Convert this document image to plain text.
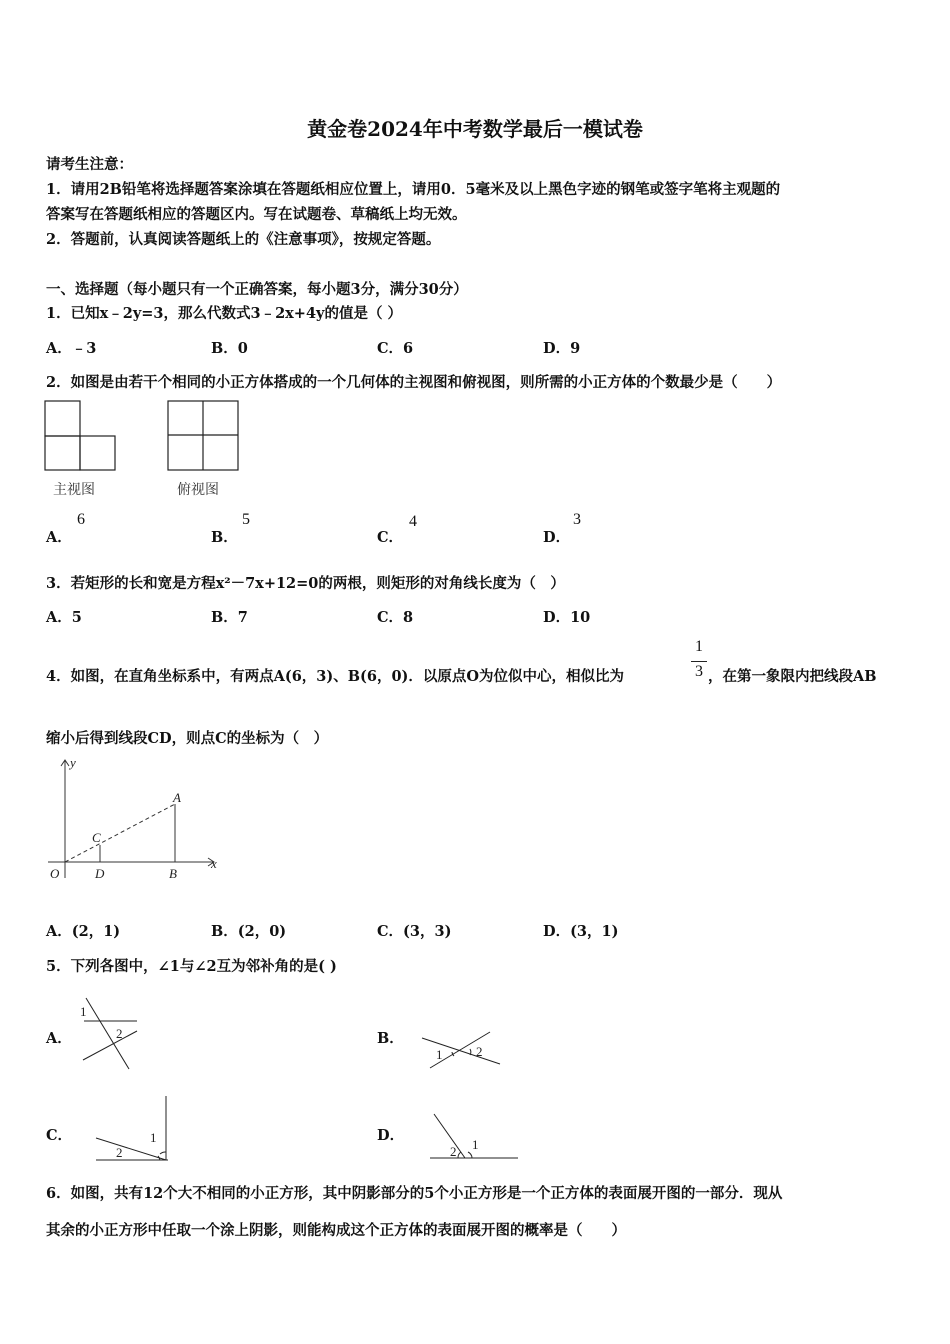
黄金卷2024年中考数学最后一模试卷
请考生注意：
1．请用2B铅笔将选择题答案涂填在答题纸相应位置上，请用0．5毫米及以上黑色字迹的钢笔或签字笔将主观题的
答案写在答题纸相应的答题区内。写在试题卷、草稿纸上均无效。
2．答题前，认真阅读答题纸上的《注意事项》，按规定答题。
一、选择题（每小题只有一个正确答案，每小题3分，满分30分）
1．已知x﹣2y=3，那么代数式3﹣2x+4y的值是（ ）
A．﹣3	B．0	C．6	D．9
2．如图是由若干个相同的小正方体搭成的一个几何体的主视图和俯视图，则所需的小正方体的个数最少是（　　）
主视图	俯视图
A．
6
B．
5
C．
4
D．
3
3．若矩形的长和宽是方程x²－7x+12=0的两根，则矩形的对角线长度为（　）
A．5	B．7	C．8	D．10
4．如图，在直角坐标系中，有两点A(6，3)、B(6，0)．以原点O为位似中心，相似比为
1
3 ，在第一象限内把线段AB
缩小后得到线段CD，则点C的坐标为（　）
y
x
A
C
O	D	B
A．(2，1)	B．(2，0)	C．(3，3)	D．(3，1)
5．下列各图中，∠1与∠2互为邻补角的是( )
A．
1
2	B．
1	2
C．	1
2
D．
1
2
6．如图，共有12个大不相同的小正方形，其中阴影部分的5个小正方形是一个正方体的表面展开图的一部分．现从
其余的小正方形中任取一个涂上阴影，则能构成这个正方体的表面展开图的概率是（　　）
